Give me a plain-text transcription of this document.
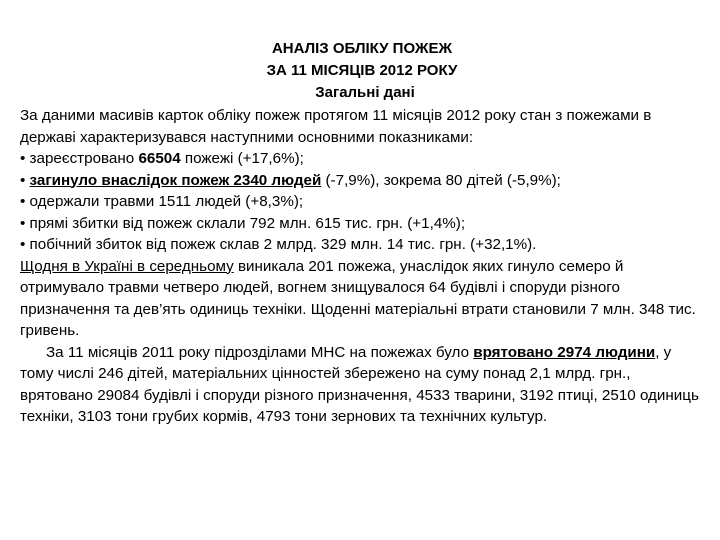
АНАЛІЗ ОБЛІКУ ПОЖЕЖ
ЗА 11 МІСЯЦІВ 2012 РОКУ
Загальні дані

За даними масивів карток обліку пожеж протягом 11 місяців 2012 року стан з пожежами в державі характеризувався наступними основними показниками:

• зареєстровано 66504 пожежі (+17,6%);

• загинуло внаслідок пожеж 2340 людей (-7,9%), зокрема 80 дітей (-5,9%);

• одержали травми 1511 людей (+8,3%);

• прямі збитки від пожеж склали 792 млн. 615 тис. грн. (+1,4%);

• побічний збиток від пожеж склав 2 млрд. 329 млн. 14 тис. грн. (+32,1%).

Щодня в Україні в середньому виникала 201 пожежа, унаслідок яких гинуло семеро й отримувало травми четверо людей, вогнем знищувалося 64 будівлі і споруди різного призначення та дев’ять одиниць техніки. Щоденні матеріальні втрати становили 7 млн. 348 тис. гривень.

За 11 місяців 2011 року підрозділами МНС на пожежах було врятовано 2974 людини, у тому числі 246 дітей, матеріальних цінностей збережено на суму понад 2,1 млрд. грн., врятовано 29084 будівлі і споруди різного призначення, 4533 тварини, 3192 птиці, 2510 одиниць техніки, 3103 тони грубих кормів, 4793 тони зернових та технічних культур.
